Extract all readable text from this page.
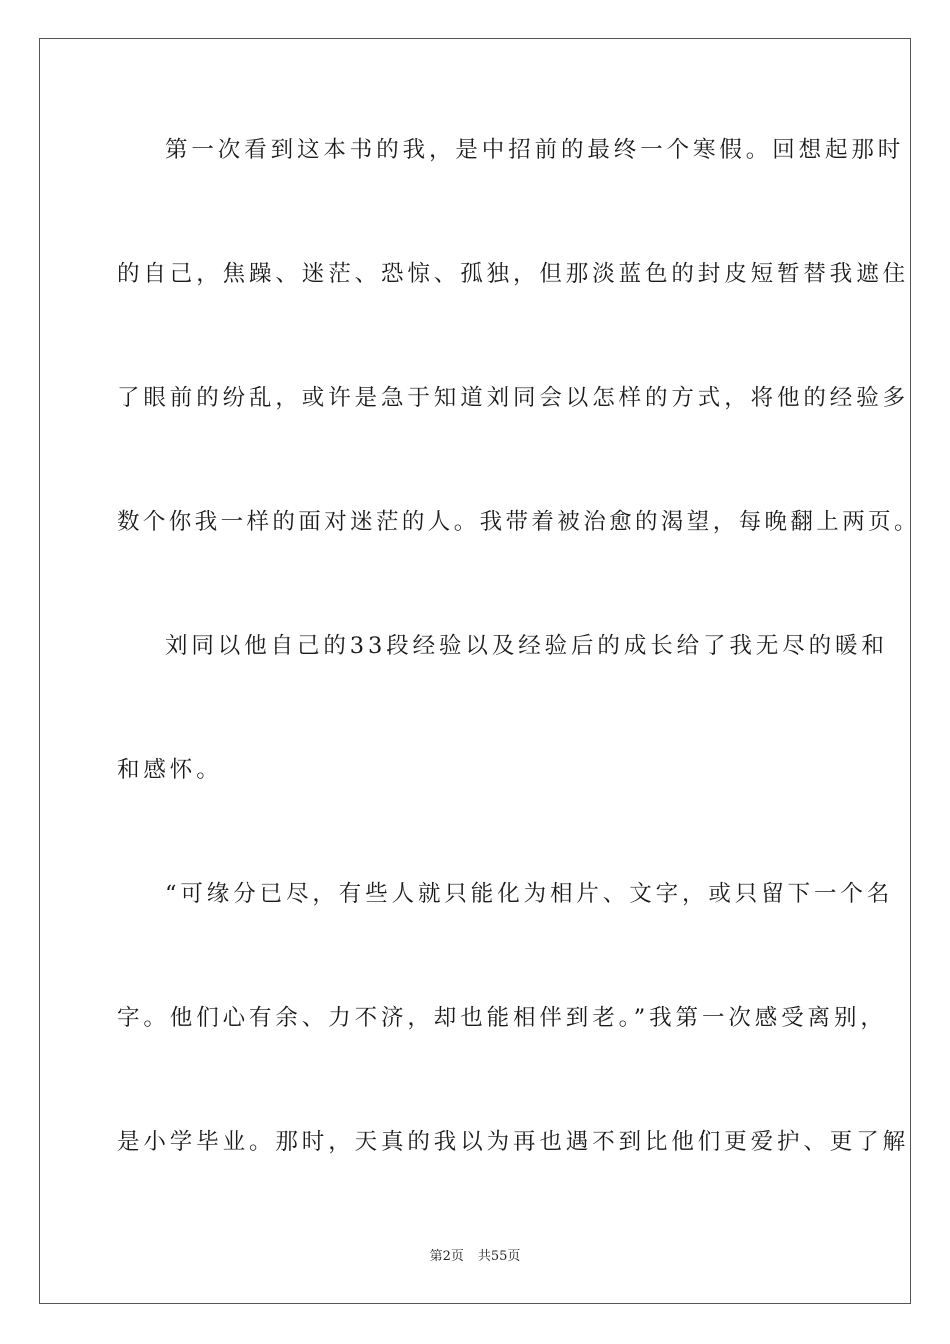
第一次看到这本书的我，是中招前的最终一个寒假。回想起那时
的自己，焦躁、迷茫、恐惊、孤独，但那淡蓝色的封皮短暂替我遮住
了眼前的纷乱，或许是急于知道刘同会以怎样的方式，将他的经验多
数个你我一样的面对迷茫的人。我带着被治愈的渴望，每晚翻上两页。
刘同以他自己的33段经验以及经验后的成长给了我无尽的暖和
和感怀。
“可缘分已尽，有些人就只能化为相片、文字，或只留下一个名
字。他们心有余、力不济，却也能相伴到老。”我第一次感受离别，
是小学毕业。那时，天真的我以为再也遇不到比他们更爱护、更了解
第2页 共55页
